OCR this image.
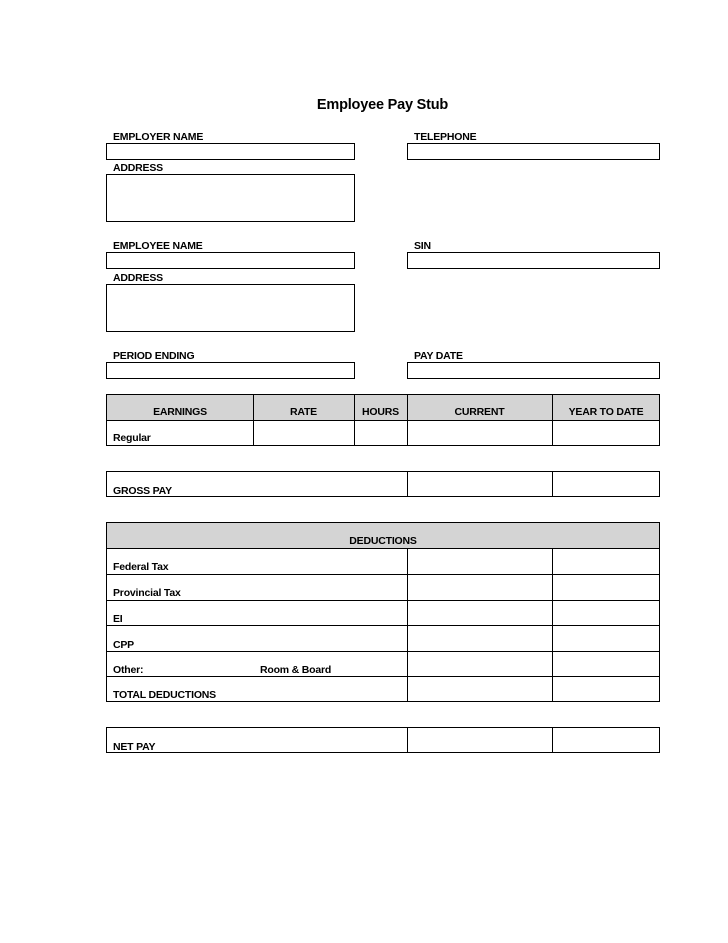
Employee Pay Stub
EMPLOYER NAME	TELEPHONE
ADDRESS
EMPLOYEE NAME	SIN
ADDRESS
PERIOD ENDING	PAY DATE
EARNINGS	RATE	HOURS	CURRENT	YEAR TO DATE
Regular
GROSS PAY
DEDUCTIONS
Federal Tax
Provincial Tax
EI
CPP
Other:	Room & Board
TOTAL DEDUCTIONS
NET PAY
